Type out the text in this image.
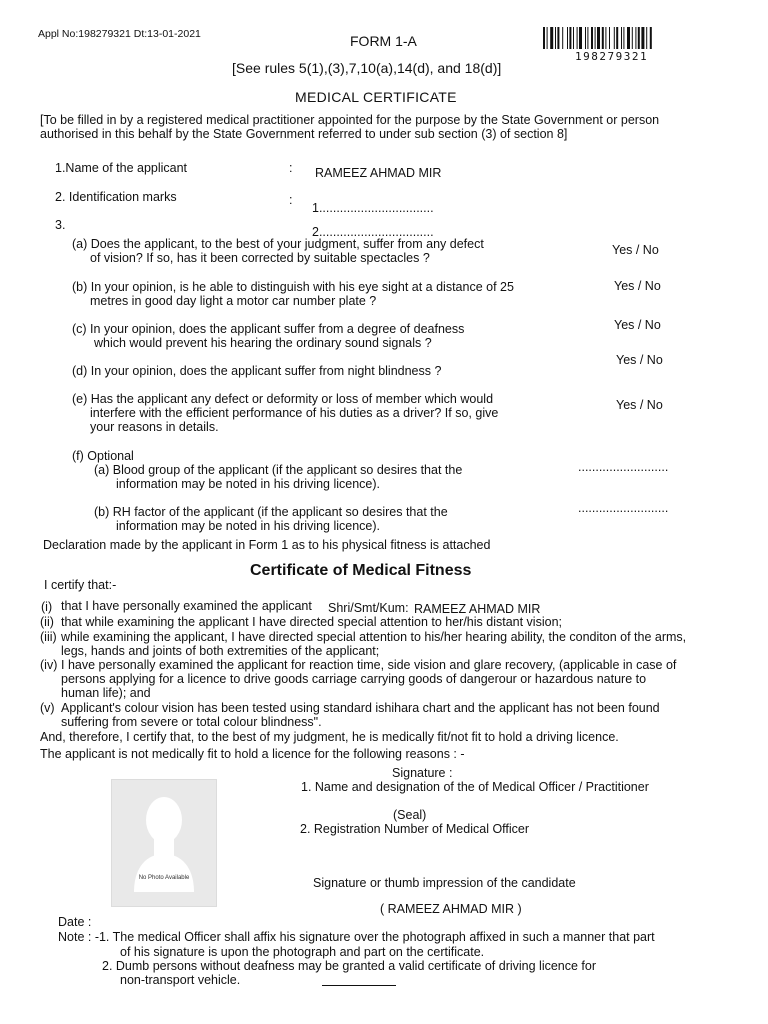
Appl No:198279321 Dt:13-01-2021	FORM 1-A
[See rules 5(1),(3),7,10(a),14(d), and 18(d)]
MEDICAL CERTIFICATE
198279321
[To be filled in by a registered medical practitioner appointed for the purpose by the State Government or person authorised in this behalf by the State Government referred to under sub section (3) of section 8]
1.Name of the applicant	: RAMEEZ AHMAD MIR
2. Identification marks	:
1.................................
3.	2.................................
(a) Does the applicant, to the best of your judgment, suffer from any defect
of vision? If so, has it been corrected by suitable spectacles ?
Yes / No
(b) In your opinion, is he able to distinguish with his eye sight at a distance of 25
metres in good day light a motor car number plate ?
Yes / No
(c) In your opinion, does the applicant suffer from a degree of deafness
which would prevent his hearing the ordinary sound signals ?
Yes / No
(d) In your opinion, does the applicant suffer from night blindness ?
Yes / No
(e) Has the applicant any defect or deformity or loss of member which would
interfere with the efficient performance of his duties as a driver? If so, give
your reasons in details.
Yes / No
(f) Optional
(a) Blood group of the applicant (if the applicant so desires that the
information may be noted in his driving licence).
..........................
(b) RH factor of the applicant (if the applicant so desires that the
information may be noted in his driving licence).
..........................
Declaration made by the applicant in Form 1 as to his physical fitness is attached
Certificate of Medical Fitness
I certify that:-
(i) that I have personally examined the applicant Shri/Smt/Kum: RAMEEZ AHMAD MIR
(ii) that while examining the applicant I have directed special attention to her/his distant vision;
(iii) while examining the applicant, I have directed special attention to his/her hearing ability, the conditon of the arms,
legs, hands and joints of both extremities of the applicant;
(iv) I have personally examined the applicant for reaction time, side vision and glare recovery, (applicable in case of
persons applying for a licence to drive goods carriage carrying goods of dangerour or hazardous nature to
human life); and
(v) Applicant's colour vision has been tested using standard ishihara chart and the applicant has not been found
suffering from severe or total colour blindness".
And, therefore, I certify that, to the best of my judgment, he is medically fit/not fit to hold a driving licence.
The applicant is not medically fit to hold a licence for the following reasons : -
Signature :
1. Name and designation of the of Medical Officer / Practitioner
(Seal)
2. Registration Number of Medical Officer
Signature or thumb impression of the candidate
( RAMEEZ AHMAD MIR )
No Photo Available
Date :
Note : -1. The medical Officer shall affix his signature over the photograph affixed in such a manner that part
of his signature is upon the photograph and part on the certificate.
2. Dumb persons without deafness may be granted a valid certificate of driving licence for
non-transport vehicle.
